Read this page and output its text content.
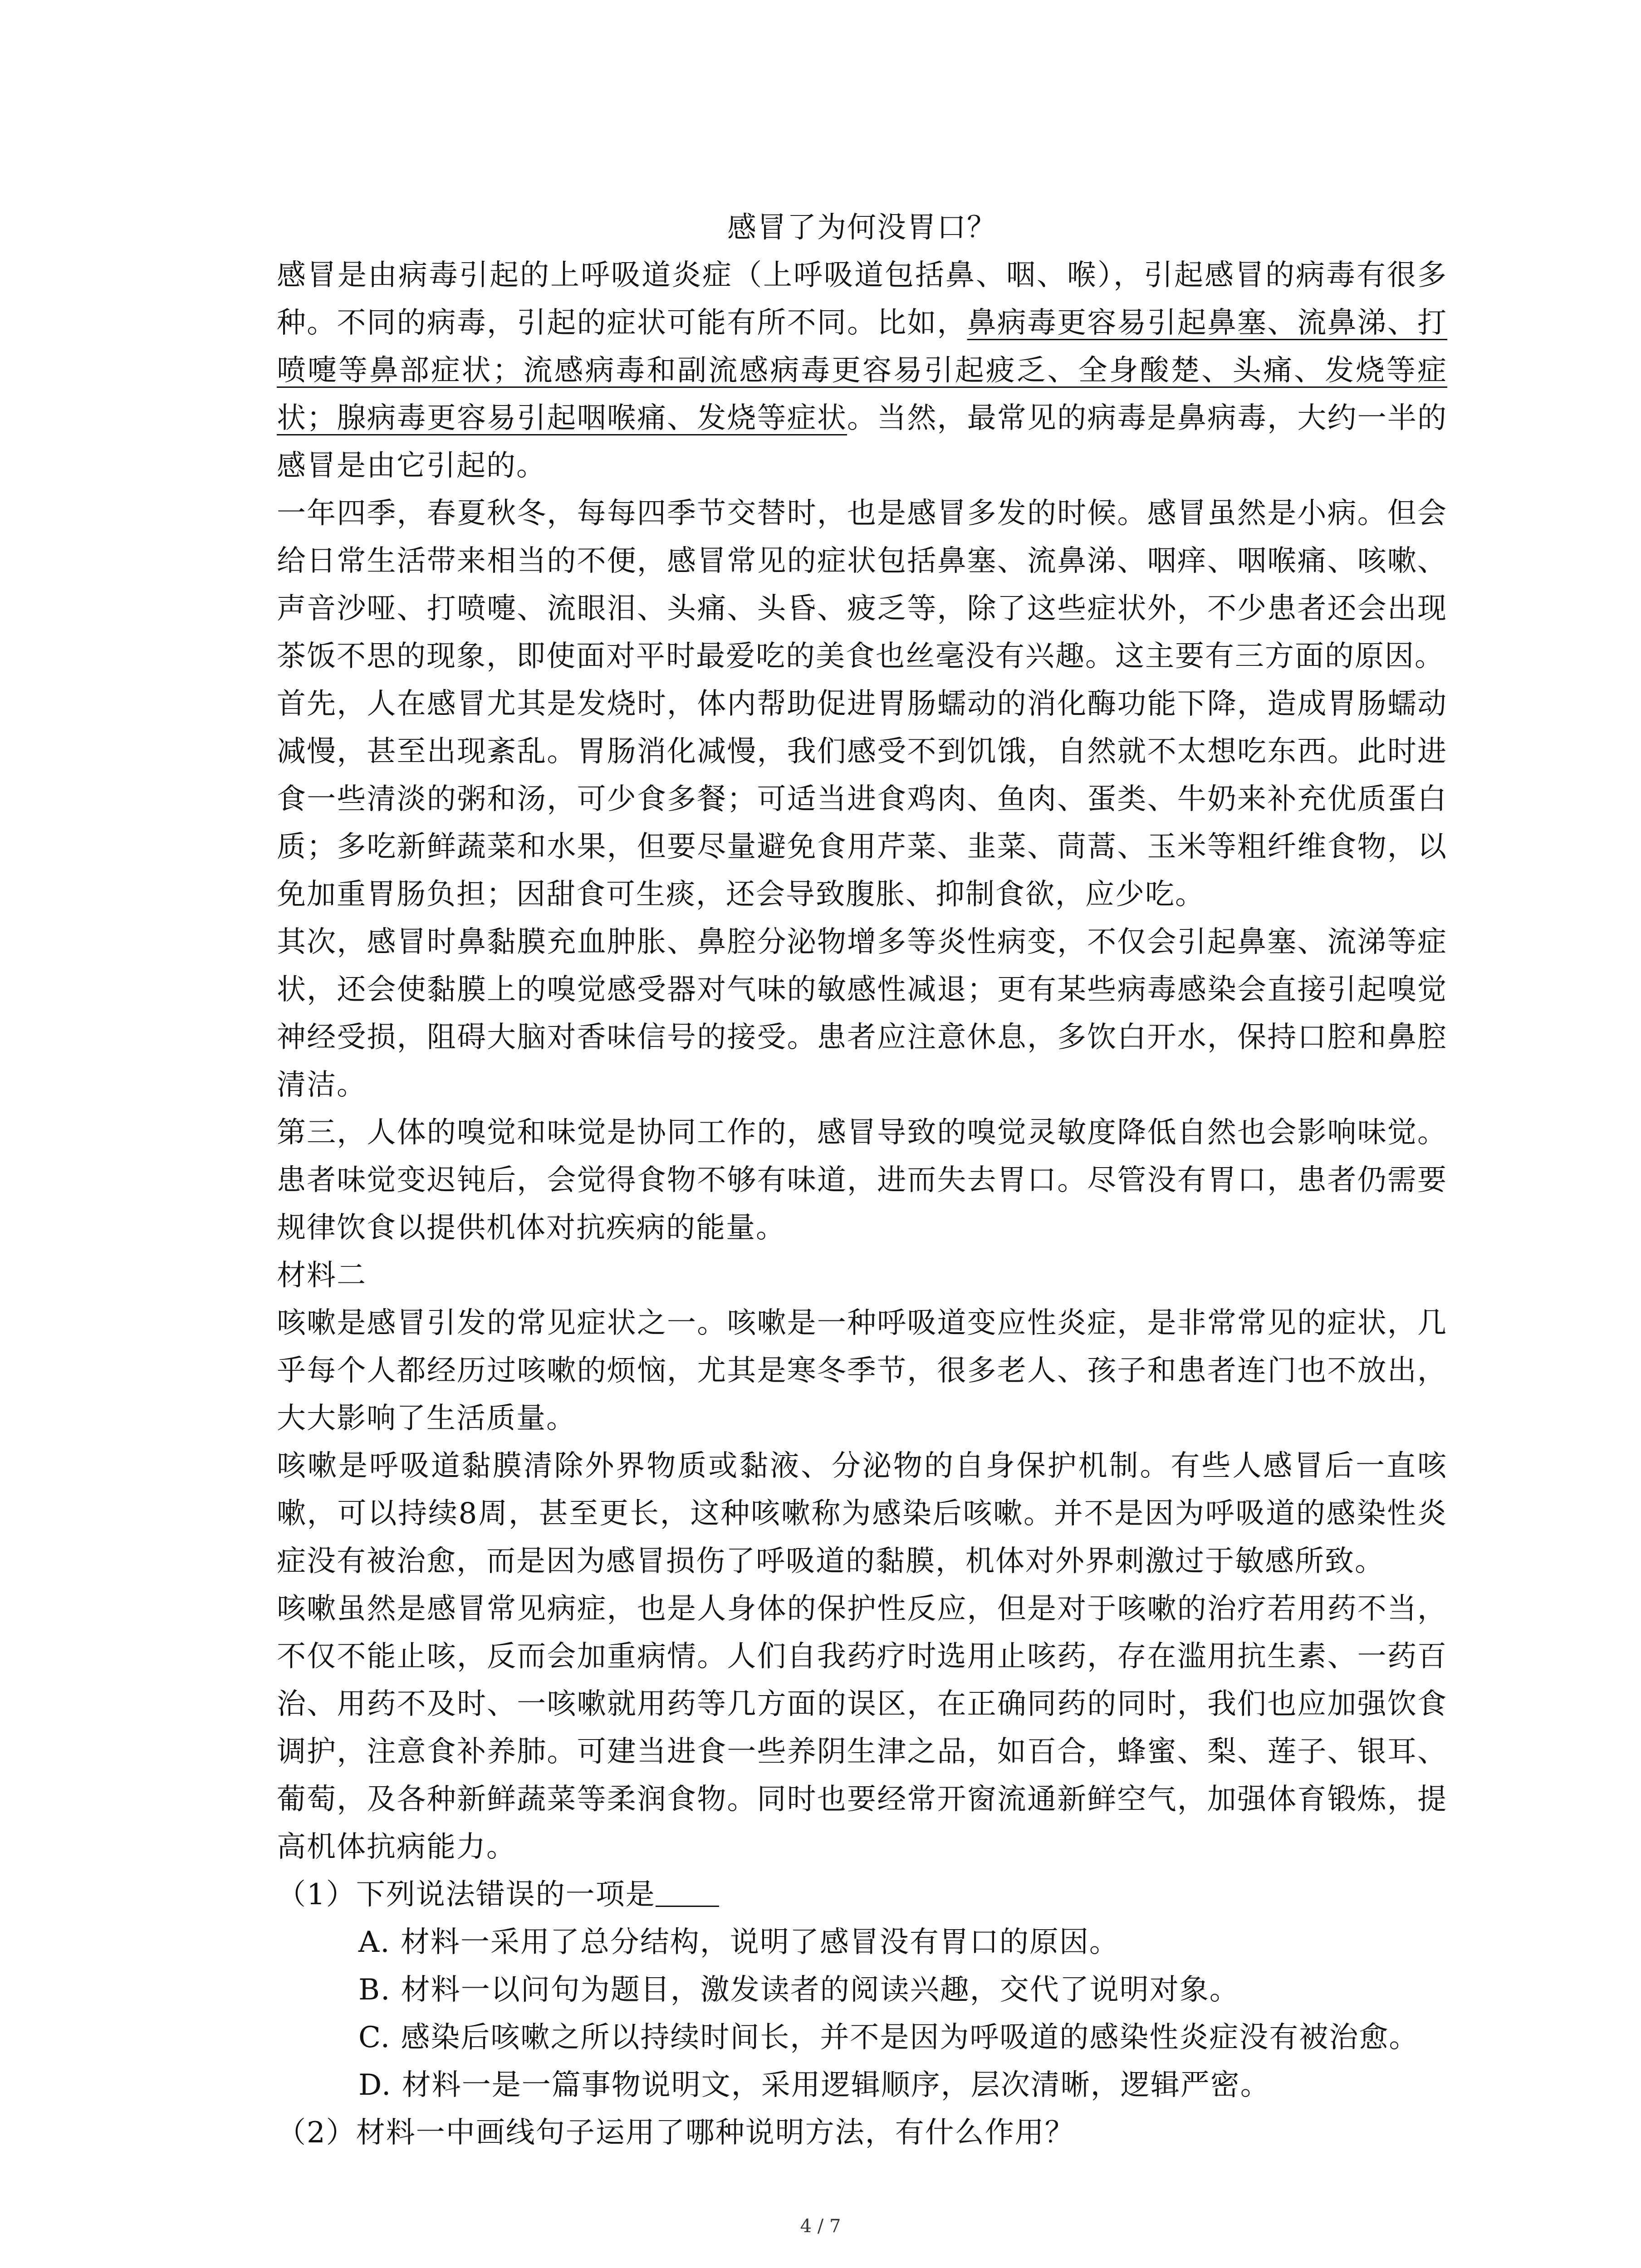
感冒了为何没胃口？

感冒是由病毒引起的上呼吸道炎症（上呼吸道包括鼻、咽、喉），引起感冒的病毒有很多种。不同的病毒，引起的症状可能有所不同。比如，鼻病毒更容易引起鼻塞、流鼻涕、打喷嚏等鼻部症状；流感病毒和副流感病毒更容易引起疲乏、全身酸楚、头痛、发烧等症状；腺病毒更容易引起咽喉痛、发烧等症状。当然，最常见的病毒是鼻病毒，大约一半的感冒是由它引起的。

一年四季，春夏秋冬，每每四季节交替时，也是感冒多发的时候。感冒虽然是小病。但会给日常生活带来相当的不便，感冒常见的症状包括鼻塞、流鼻涕、咽痒、咽喉痛、咳嗽、声音沙哑、打喷嚏、流眼泪、头痛、头昏、疲乏等，除了这些症状外，不少患者还会出现茶饭不思的现象，即使面对平时最爱吃的美食也丝毫没有兴趣。这主要有三方面的原因。

首先，人在感冒尤其是发烧时，体内帮助促进胃肠蠕动的消化酶功能下降，造成胃肠蠕动减慢，甚至出现紊乱。胃肠消化减慢，我们感受不到饥饿，自然就不太想吃东西。此时进食一些清淡的粥和汤，可少食多餐；可适当进食鸡肉、鱼肉、蛋类、牛奶来补充优质蛋白质；多吃新鲜蔬菜和水果，但要尽量避免食用芹菜、韭菜、茼蒿、玉米等粗纤维食物，以免加重胃肠负担；因甜食可生痰，还会导致腹胀、抑制食欲，应少吃。

其次，感冒时鼻黏膜充血肿胀、鼻腔分泌物增多等炎性病变，不仅会引起鼻塞、流涕等症状，还会使黏膜上的嗅觉感受器对气味的敏感性减退；更有某些病毒感染会直接引起嗅觉神经受损，阻碍大脑对香味信号的接受。患者应注意休息，多饮白开水，保持口腔和鼻腔清洁。

第三，人体的嗅觉和味觉是协同工作的，感冒导致的嗅觉灵敏度降低自然也会影响味觉。患者味觉变迟钝后，会觉得食物不够有味道，进而失去胃口。尽管没有胃口，患者仍需要规律饮食以提供机体对抗疾病的能量。

材料二

咳嗽是感冒引发的常见症状之一。咳嗽是一种呼吸道变应性炎症，是非常常见的症状，几乎每个人都经历过咳嗽的烦恼，尤其是寒冬季节，很多老人、孩子和患者连门也不放出，大大影响了生活质量。

咳嗽是呼吸道黏膜清除外界物质或黏液、分泌物的自身保护机制。有些人感冒后一直咳嗽，可以持续8周，甚至更长，这种咳嗽称为感染后咳嗽。并不是因为呼吸道的感染性炎症没有被治愈，而是因为感冒损伤了呼吸道的黏膜，机体对外界刺激过于敏感所致。

咳嗽虽然是感冒常见病症，也是人身体的保护性反应，但是对于咳嗽的治疗若用药不当，不仅不能止咳，反而会加重病情。人们自我药疗时选用止咳药，存在滥用抗生素、一药百治、用药不及时、一咳嗽就用药等几方面的误区，在正确同药的同时，我们也应加强饮食调护，注意食补养肺。可建当进食一些养阴生津之品，如百合，蜂蜜、梨、莲子、银耳、葡萄，及各种新鲜蔬菜等柔润食物。同时也要经常开窗流通新鲜空气，加强体育锻炼，提高机体抗病能力。

（1）下列说法错误的一项是

A. 材料一采用了总分结构，说明了感冒没有胃口的原因。

B. 材料一以问句为题目，激发读者的阅读兴趣，交代了说明对象。

C. 感染后咳嗽之所以持续时间长，并不是因为呼吸道的感染性炎症没有被治愈。

D. 材料一是一篇事物说明文，采用逻辑顺序，层次清晰，逻辑严密。

（2）材料一中画线句子运用了哪种说明方法，有什么作用？

4 / 7
